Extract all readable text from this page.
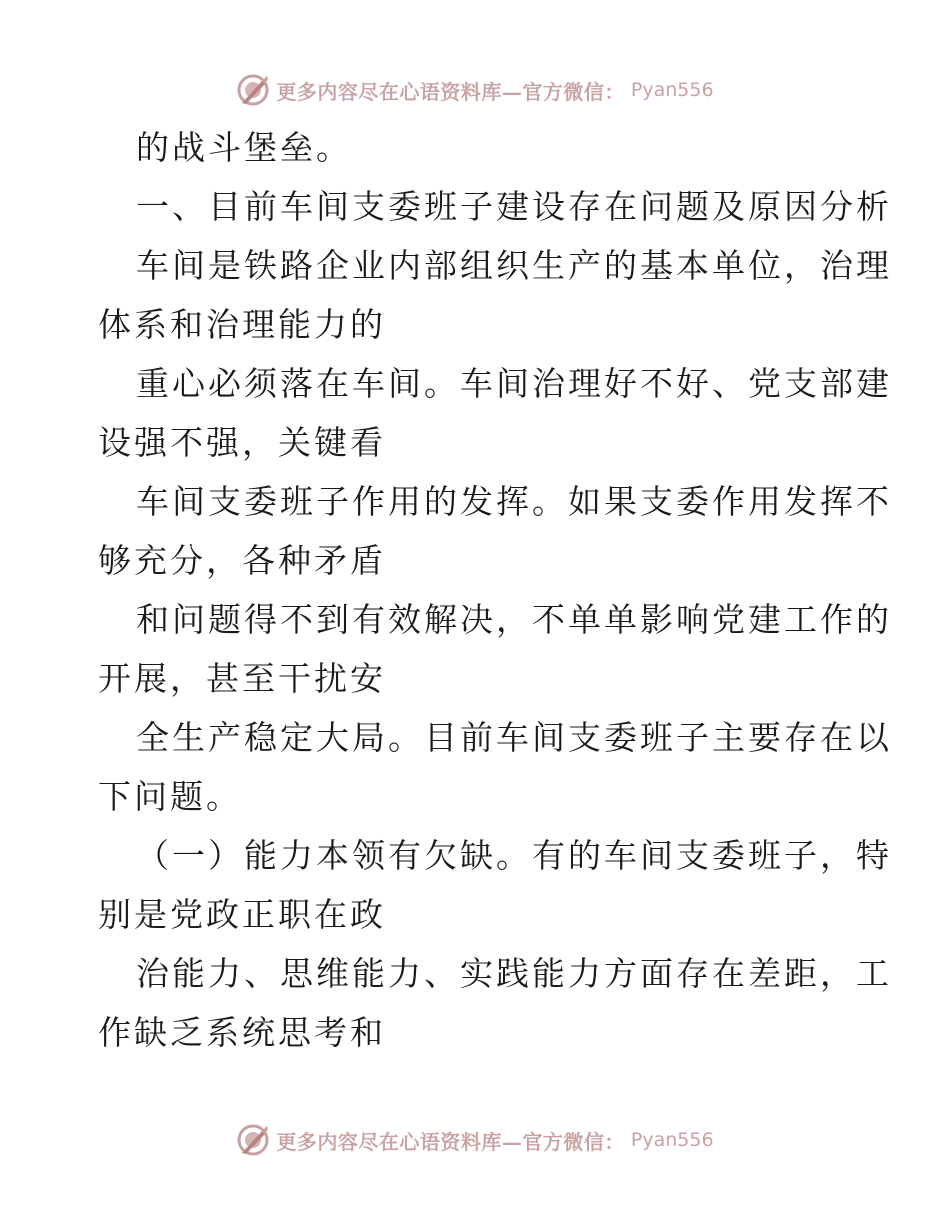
更多内容尽在心语资料库—官方微信： Pyan556
的战斗堡垒。
一、目前车间支委班子建设存在问题及原因分析
车间是铁路企业内部组织生产的基本单位，治理
体系和治理能力的
重心必须落在车间。车间治理好不好、党支部建
设强不强，关键看
车间支委班子作用的发挥。如果支委作用发挥不
够充分，各种矛盾
和问题得不到有效解决，不单单影响党建工作的
开展，甚至干扰安
全生产稳定大局。目前车间支委班子主要存在以
下问题。
（一）能力本领有欠缺。有的车间支委班子，特
别是党政正职在政
治能力、思维能力、实践能力方面存在差距，工
作缺乏系统思考和
更多内容尽在心语资料库—官方微信： Pyan556
